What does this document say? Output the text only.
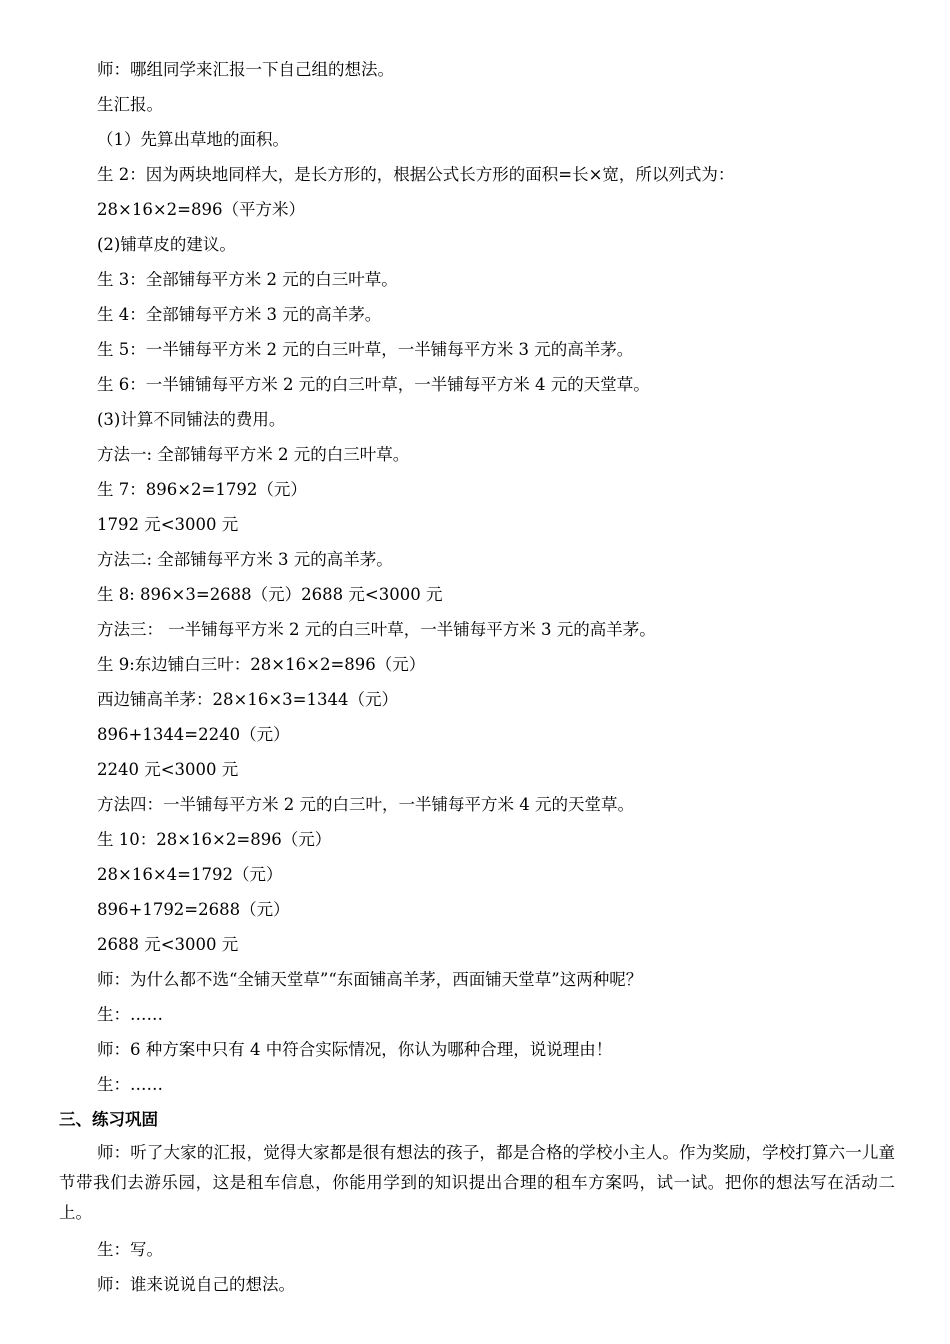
师：哪组同学来汇报一下自己组的想法。
生汇报。
（1）先算出草地的面积。
生 2：因为两块地同样大，是长方形的，根据公式长方形的面积=长×宽，所以列式为：
28×16×2=896（平方米）
(2)铺草皮的建议。
生 3：全部铺每平方米 2 元的白三叶草。
生 4：全部铺每平方米 3 元的高羊茅。
生 5：一半铺每平方米 2 元的白三叶草，一半铺每平方米 3 元的高羊茅。
生 6：一半铺铺每平方米 2 元的白三叶草，一半铺每平方米 4 元的天堂草。
(3)计算不同铺法的费用。
方法一: 全部铺每平方米 2 元的白三叶草。
生 7：896×2=1792（元）
1792 元<3000 元
方法二: 全部铺每平方米 3 元的高羊茅。
生 8: 896×3=2688（元）2688 元<3000 元
方法三： 一半铺每平方米 2 元的白三叶草，一半铺每平方米 3 元的高羊茅。
生 9:东边铺白三叶：28×16×2=896（元）
西边铺高羊茅：28×16×3=1344（元）
896+1344=2240（元）
2240 元<3000 元
方法四：一半铺每平方米 2 元的白三叶，一半铺每平方米 4 元的天堂草。
生 10：28×16×2=896（元）
28×16×4=1792（元）
896+1792=2688（元）
2688 元<3000 元
师：为什么都不选“全铺天堂草”“东面铺高羊茅，西面铺天堂草”这两种呢？
生：……
师：6 种方案中只有 4 中符合实际情况，你认为哪种合理，说说理由！
生：……
三、练习巩固
师：听了大家的汇报，觉得大家都是很有想法的孩子，都是合格的学校小主人。作为奖励，学校打算六一儿童节带我们去游乐园，这是租车信息，你能用学到的知识提出合理的租车方案吗，试一试。把你的想法写在活动二上。
生：写。
师：谁来说说自己的想法。
